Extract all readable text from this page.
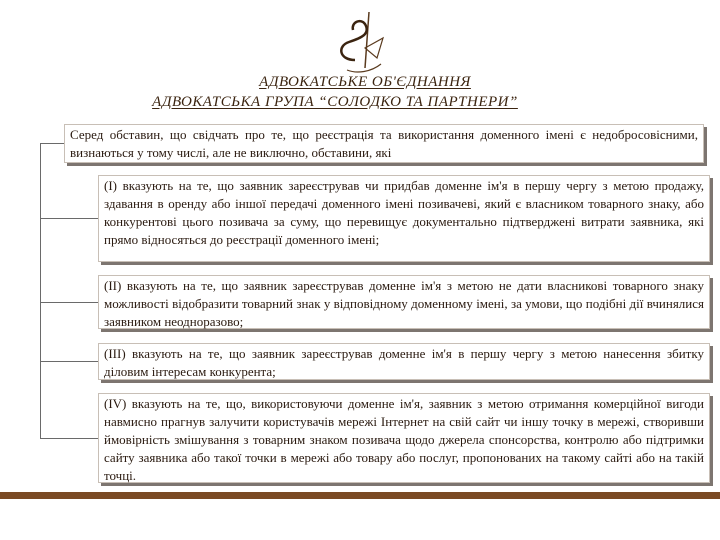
АДВОКАТСЬКЕ ОБ'ЄДНАННЯ
АДВОКАТСЬКА ГРУПА “СОЛОДКО ТА ПАРТНЕРИ”
Серед обставин, що свідчать про те, що реєстрація та використання доменного імені є недобросовісними, визнаються у тому числі, але не виключно, обставини, які
(I) вказують на те, що заявник зареєстрував чи придбав доменне ім'я в першу чергу з метою продажу, здавання в оренду або іншої передачі доменного імені позивачеві, який є власником товарного знаку, або конкурентові цього позивача за суму, що перевищує документально підтверджені витрати заявника, які прямо відносяться до реєстрації доменного імені;
(II) вказують на те, що заявник зареєстрував доменне ім'я з метою не дати власникові товарного знаку можливості відобразити товарний знак у відповідному доменному імені, за умови, що подібні дії вчинялися заявником неодноразово;
(III) вказують на те, що заявник зареєстрував доменне ім'я в першу чергу з метою нанесення збитку діловим інтересам конкурента;
(IV) вказують на те, що, використовуючи доменне ім'я, заявник з метою отримання комерційної вигоди навмисно прагнув залучити користувачів мережі Інтернет на свій сайт чи іншу точку в мережі, створивши ймовірність змішування з товарним знаком позивача щодо джерела спонсорства, контролю або підтримки сайту заявника або такої точки в мережі або товару або послуг, пропонованих на такому сайті або на такій точці.
